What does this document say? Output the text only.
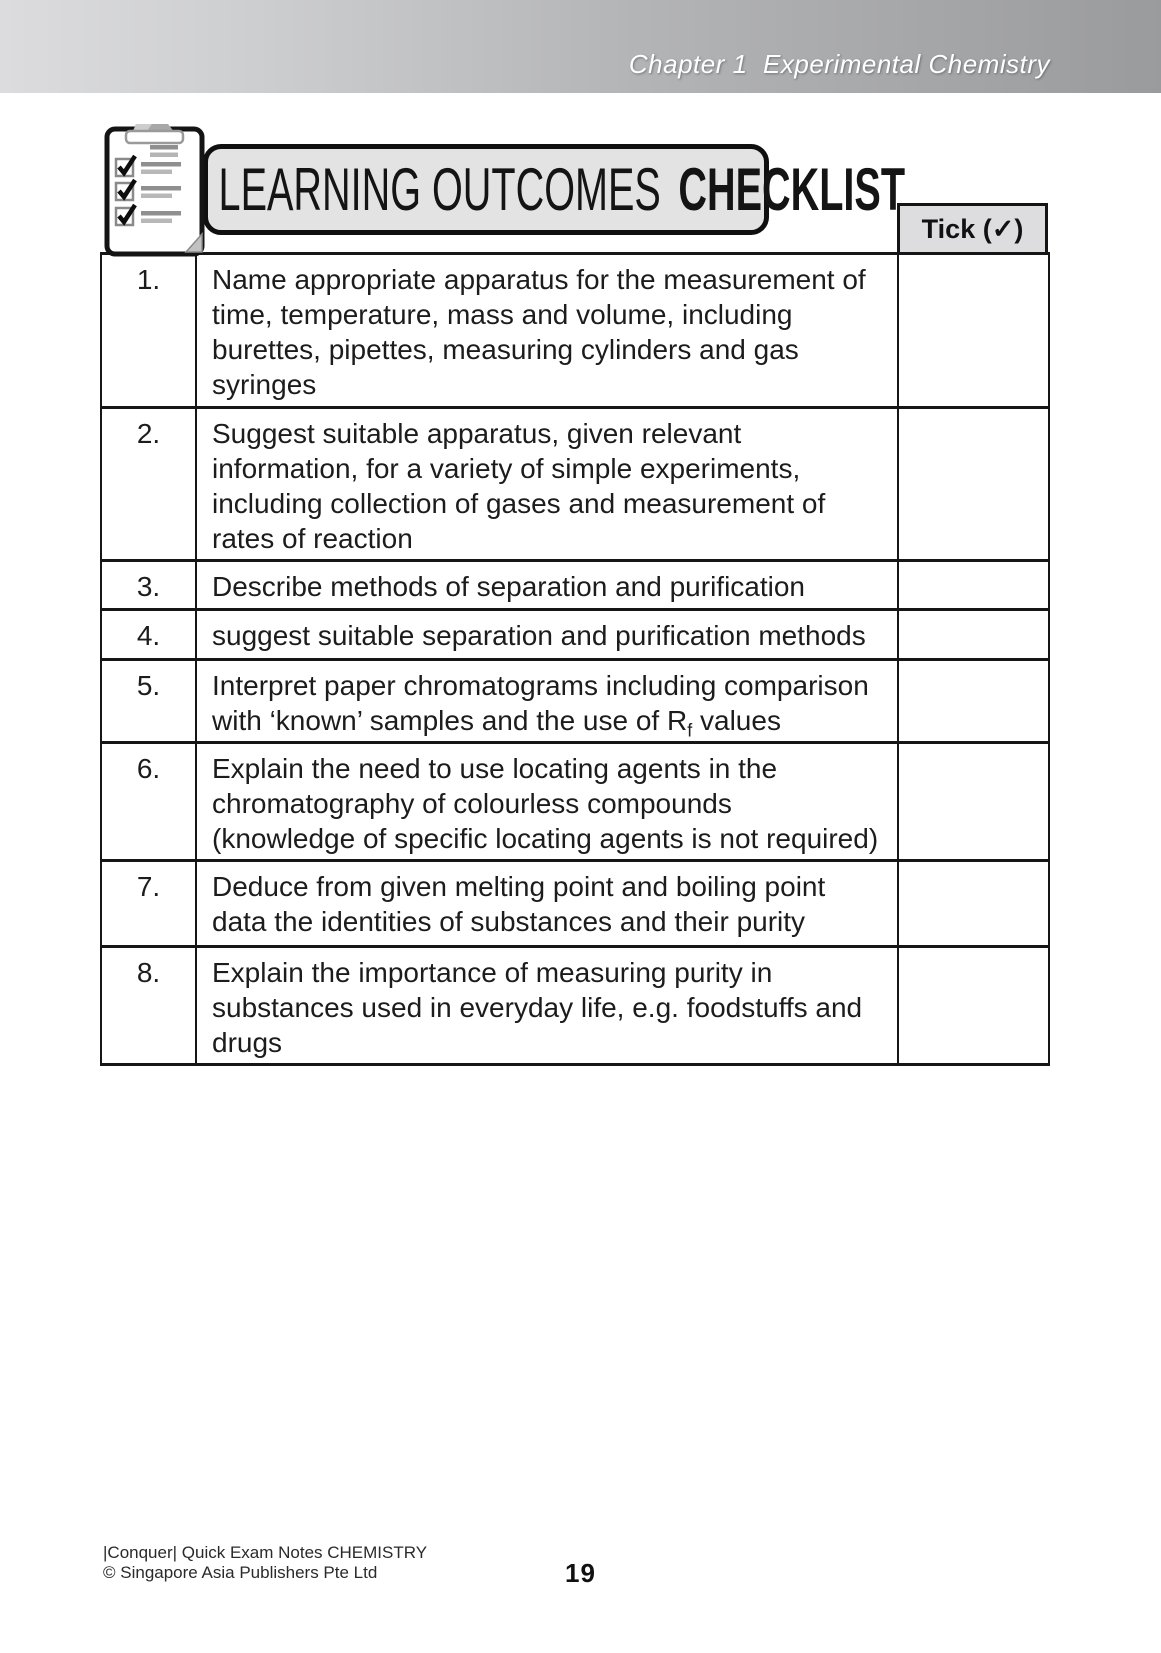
Chapter 1  Experimental Chemistry
LEARNING OUTCOMES CHECKLIST
Tick (✓)
1.	Name appropriate apparatus for the measurement of time, temperature, mass and volume, including burettes, pipettes, measuring cylinders and gas syringes	
2.	Suggest suitable apparatus, given relevant information, for a variety of simple experiments, including collection of gases and measurement of rates of reaction	
3.	Describe methods of separation and purification	
4.	suggest suitable separation and purification methods	
5.	Interpret paper chromatograms including comparison with ‘known’ samples and the use of $R_f$ values	
6.	Explain the need to use locating agents in the chromatography of colourless compounds (knowledge of specific locating agents is not required)	
7.	Deduce from given melting point and boiling point data the identities of substances and their purity	
8.	Explain the importance of measuring purity in substances used in everyday life, e.g. foodstuffs and drugs	
|Conquer| Quick Exam Notes CHEMISTRY
© Singapore Asia Publishers Pte Ltd	19
